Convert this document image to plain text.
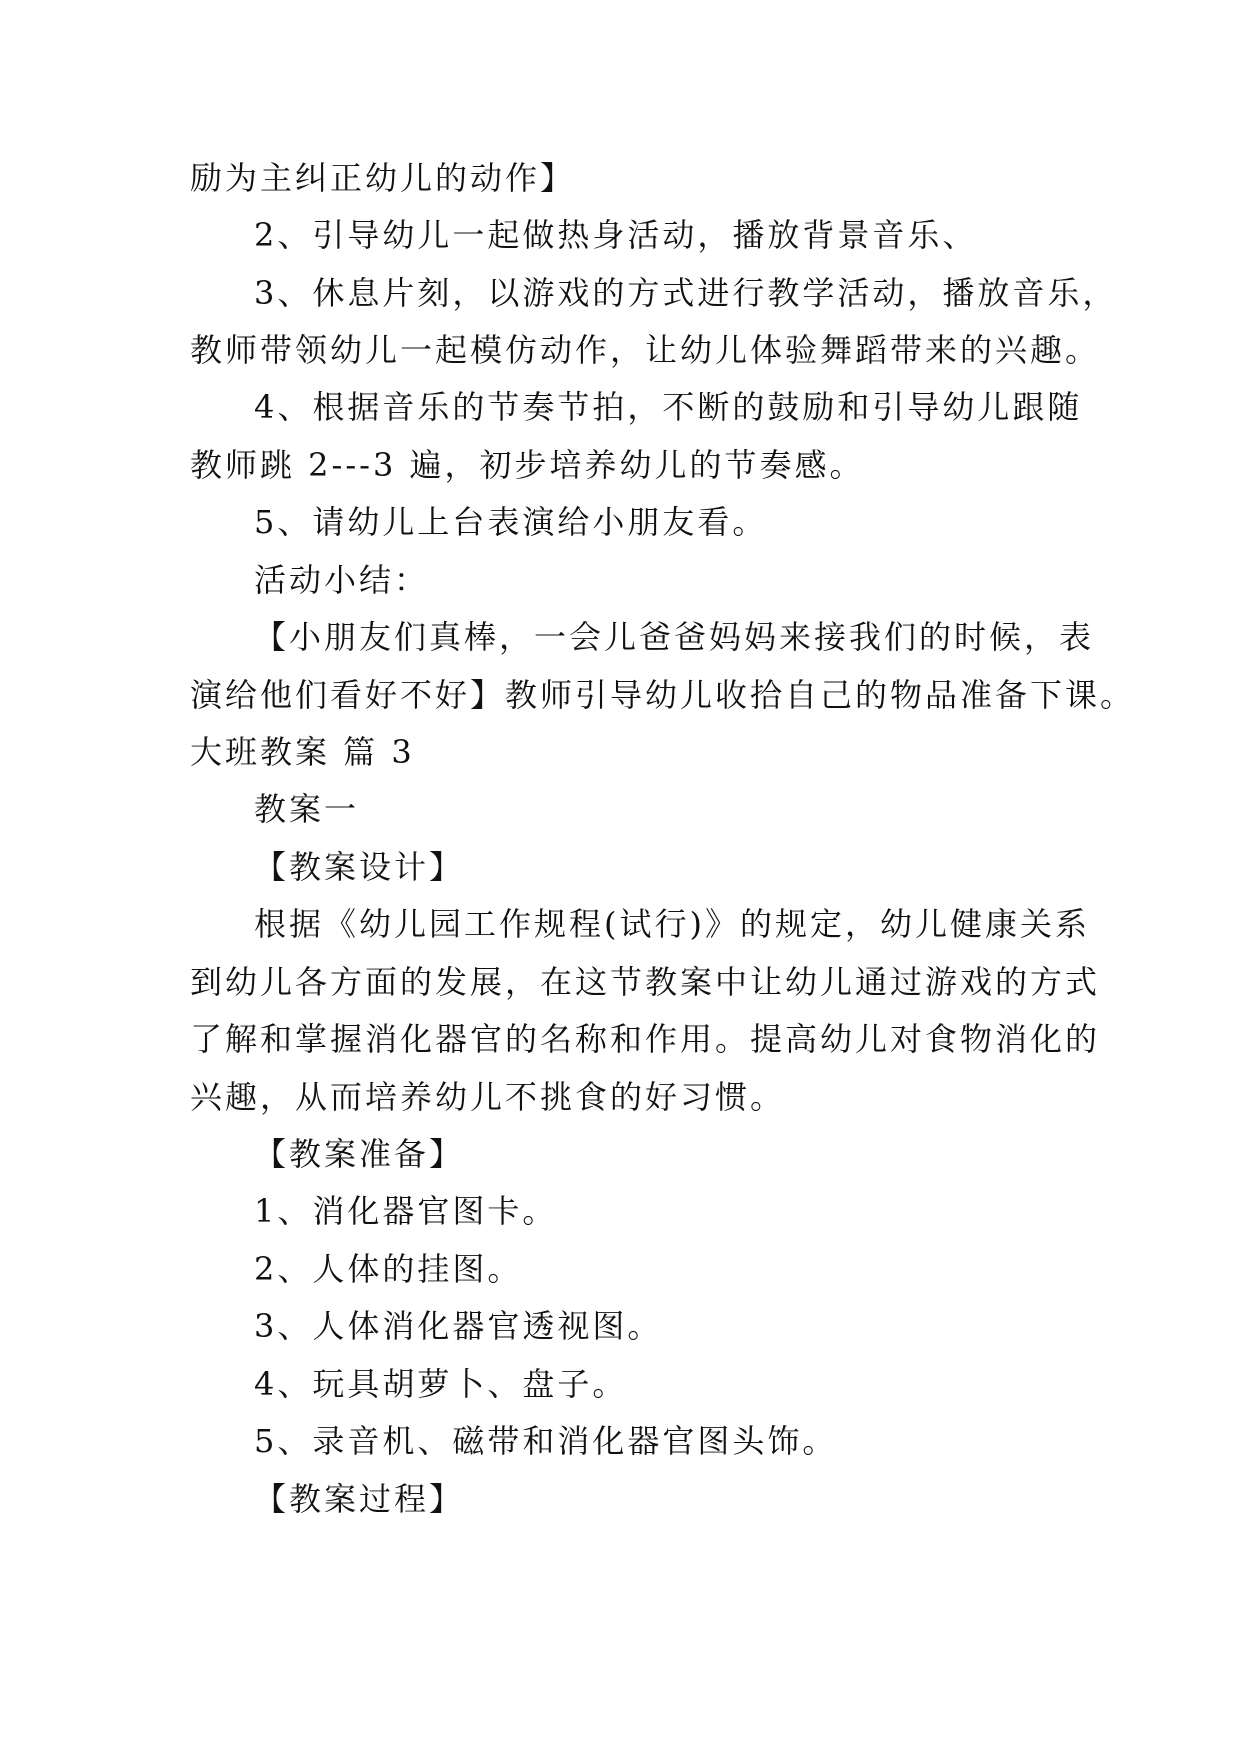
励为主纠正幼儿的动作】
2、引导幼儿一起做热身活动，播放背景音乐、
3、休息片刻，以游戏的方式进行教学活动，播放音乐，
教师带领幼儿一起模仿动作，让幼儿体验舞蹈带来的兴趣。
4、根据音乐的节奏节拍，不断的鼓励和引导幼儿跟随
教师跳 2---3 遍，初步培养幼儿的节奏感。
5、请幼儿上台表演给小朋友看。
活动小结：
【小朋友们真棒，一会儿爸爸妈妈来接我们的时候，表
演给他们看好不好】教师引导幼儿收拾自己的物品准备下课。
大班教案 篇 3
教案一
【教案设计】
根据《幼儿园工作规程(试行)》的规定，幼儿健康关系
到幼儿各方面的发展，在这节教案中让幼儿通过游戏的方式
了解和掌握消化器官的名称和作用。提高幼儿对食物消化的
兴趣，从而培养幼儿不挑食的好习惯。
【教案准备】
1、消化器官图卡。
2、人体的挂图。
3、人体消化器官透视图。
4、玩具胡萝卜、盘子。
5、录音机、磁带和消化器官图头饰。
【教案过程】
